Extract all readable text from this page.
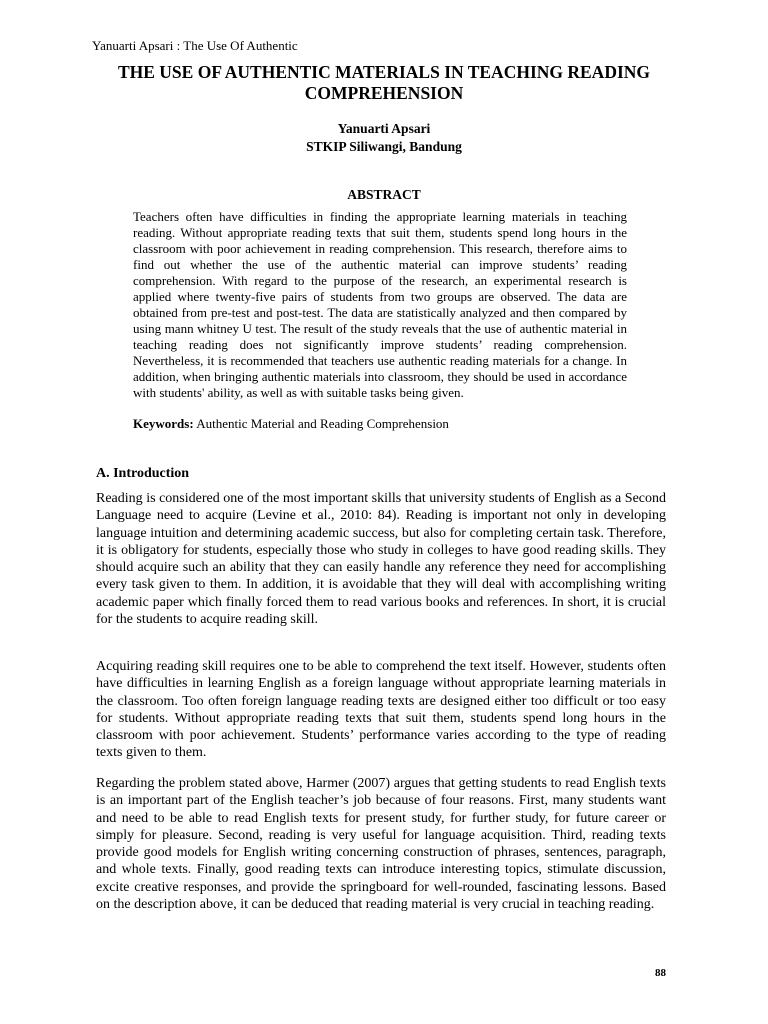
Yanuarti Apsari : The Use Of Authentic
THE USE OF AUTHENTIC MATERIALS IN TEACHING READING
COMPREHENSION
Yanuarti Apsari
STKIP Siliwangi, Bandung
ABSTRACT

Teachers often have difficulties in finding the appropriate learning materials in teaching reading. Without appropriate reading texts that suit them, students spend long hours in the classroom with poor achievement in reading comprehension. This research, therefore aims to find out whether the use of the authentic material can improve students’ reading comprehension. With regard to the purpose of the research, an experimental research is applied where twenty-five pairs of students from two groups are observed. The data are obtained from pre-test and post-test. The data are statistically analyzed and then compared by using mann whitney U test. The result of the study reveals that the use of authentic material in teaching reading does not significantly improve students’ reading comprehension. Nevertheless, it is recommended that teachers use authentic reading materials for a change. In addition, when bringing authentic materials into classroom, they should be used in accordance with students' ability, as well as with suitable tasks being given.

Keywords: Authentic Material and Reading Comprehension
A. Introduction

Reading is considered one of the most important skills that university students of English as a Second Language need to acquire (Levine et al., 2010: 84). Reading is important not only in developing language intuition and determining academic success, but also for completing certain task. Therefore, it is obligatory for students, especially those who study in colleges to have good reading skills. They should acquire such an ability that they can easily handle any reference they need for accomplishing every task given to them. In addition, it is avoidable that they will deal with accomplishing writing academic paper which finally forced them to read various books and references. In short, it is crucial for the students to acquire reading skill.

Acquiring reading skill requires one to be able to comprehend the text itself. However, students often have difficulties in learning English as a foreign language without appropriate learning materials in the classroom. Too often foreign language reading texts are designed either too difficult or too easy for students. Without appropriate reading texts that suit them, students spend long hours in the classroom with poor achievement. Students’ performance varies according to the type of reading texts given to them.

Regarding the problem stated above, Harmer (2007) argues that getting students to read English texts is an important part of the English teacher’s job because of four reasons. First, many students want and need to be able to read English texts for present study, for further study, for future career or simply for pleasure. Second, reading is very useful for language acquisition. Third, reading texts provide good models for English writing concerning construction of phrases, sentences, paragraph, and whole texts. Finally, good reading texts can introduce interesting topics, stimulate discussion, excite creative responses, and provide the springboard for well-rounded, fascinating lessons. Based on the description above, it can be deduced that reading material is very crucial in teaching reading.

88
